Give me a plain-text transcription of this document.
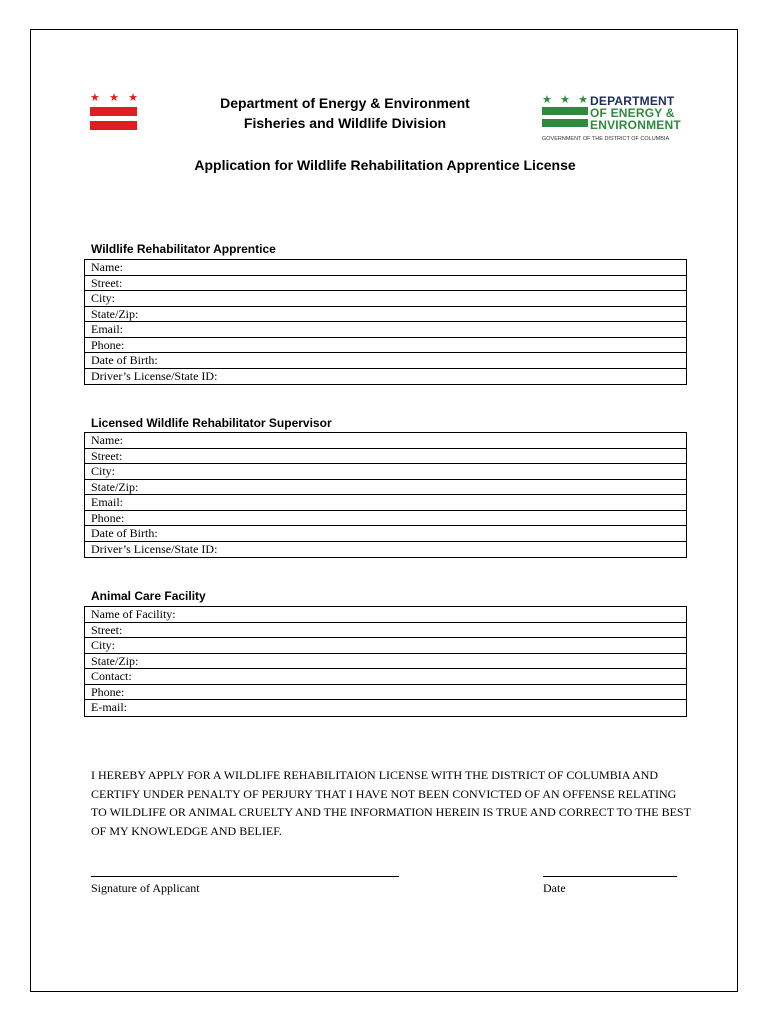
★ ★ ★	Department of Energy & Environment
Fisheries and Wildlife Division
★ ★ ★ DEPARTMENT
OF ENERGY &
ENVIRONMENT
GOVERNMENT OF THE DISTRICT OF COLUMBIA
Application for Wildlife Rehabilitation Apprentice License
Wildlife Rehabilitator Apprentice
Name:
Street:
City:
State/Zip:
Email:
Phone:
Date of Birth:
Driver’s License/State ID:
Licensed Wildlife Rehabilitator Supervisor
Name:
Street:
City:
State/Zip:
Email:
Phone:
Date of Birth:
Driver’s License/State ID:
Animal Care Facility
Name of Facility:
Street:
City:
State/Zip:
Contact:
Phone:
E-mail:
I HEREBY APPLY FOR A WILDLIFE REHABILITAION LICENSE WITH THE DISTRICT OF COLUMBIA AND CERTIFY UNDER PENALTY OF PERJURY THAT I HAVE NOT BEEN CONVICTED OF AN OFFENSE RELATING TO WILDLIFE OR ANIMAL CRUELTY AND THE INFORMATION HEREIN IS TRUE AND CORRECT TO THE BEST OF MY KNOWLEDGE AND BELIEF.
Signature of Applicant	Date
